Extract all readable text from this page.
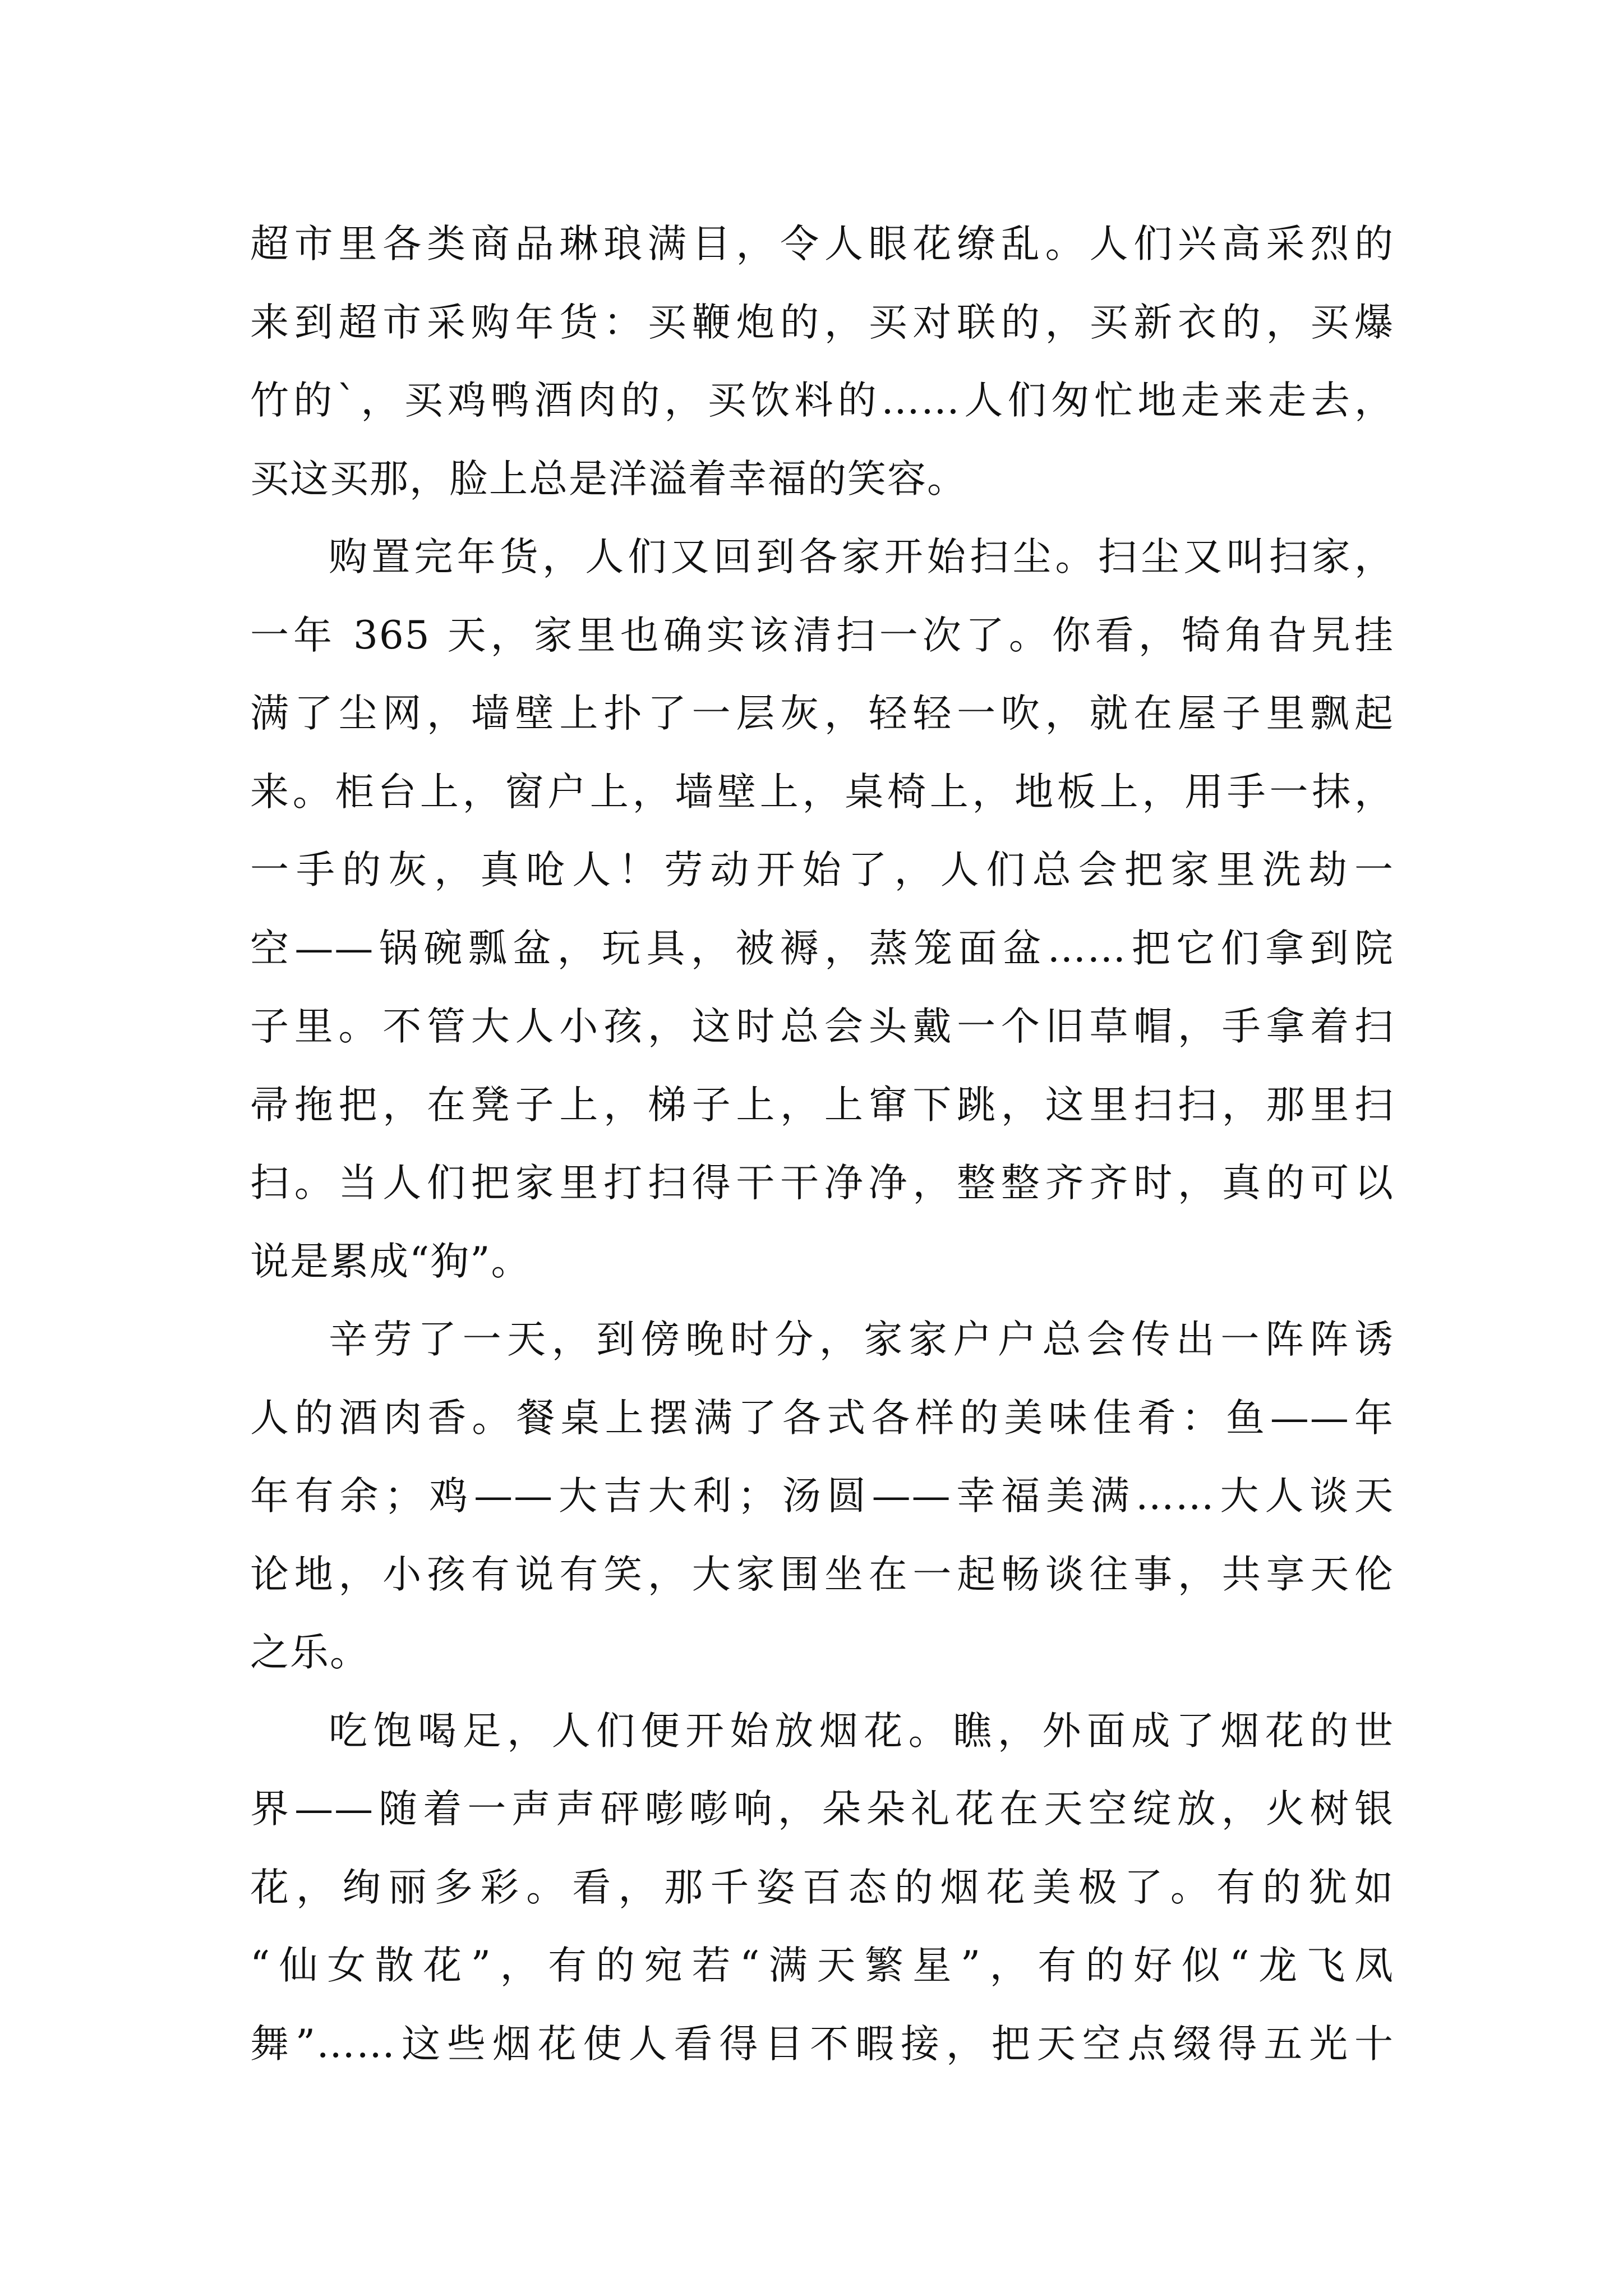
超市里各类商品琳琅满目，令人眼花缭乱。人们兴高采烈的
来到超市采购年货：买鞭炮的，买对联的，买新衣的，买爆
竹的`，买鸡鸭酒肉的，买饮料的……人们匆忙地走来走去，
买这买那，脸上总是洋溢着幸福的笑容。
购置完年货，人们又回到各家开始扫尘。扫尘又叫扫家，
一年 365 天，家里也确实该清扫一次了。你看，犄角旮旯挂
满了尘网，墙壁上扑了一层灰，轻轻一吹，就在屋子里飘起
来。柜台上，窗户上，墙壁上，桌椅上，地板上，用手一抹，
一手的灰，真呛人！劳动开始了，人们总会把家里洗劫一
空——锅碗瓢盆，玩具，被褥，蒸笼面盆……把它们拿到院
子里。不管大人小孩，这时总会头戴一个旧草帽，手拿着扫
帚拖把，在凳子上，梯子上，上窜下跳，这里扫扫，那里扫
扫。当人们把家里打扫得干干净净，整整齐齐时，真的可以
说是累成“狗”。
辛劳了一天，到傍晚时分，家家户户总会传出一阵阵诱
人的酒肉香。餐桌上摆满了各式各样的美味佳肴：鱼——年
年有余；鸡——大吉大利；汤圆——幸福美满……大人谈天
论地，小孩有说有笑，大家围坐在一起畅谈往事，共享天伦
之乐。
吃饱喝足，人们便开始放烟花。瞧，外面成了烟花的世
界——随着一声声砰嘭嘭响，朵朵礼花在天空绽放，火树银
花，绚丽多彩。看，那千姿百态的烟花美极了。有的犹如
“仙女散花”，有的宛若“满天繁星”，有的好似“龙飞凤
舞”……这些烟花使人看得目不暇接，把天空点缀得五光十
